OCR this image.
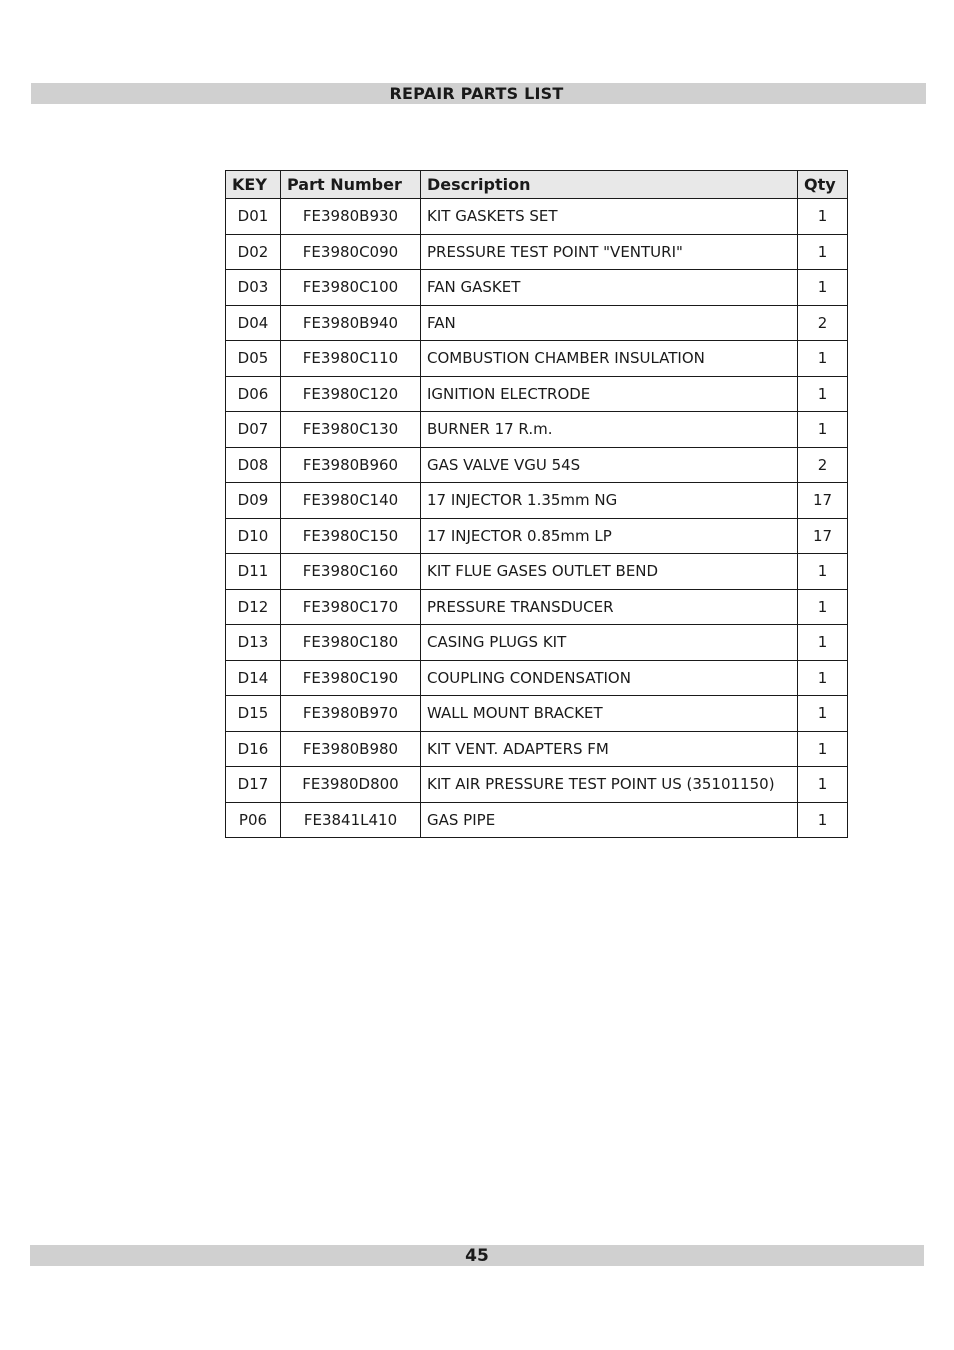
REPAIR PARTS LIST
KEY	Part Number	Description	Qty
D01	FE3980B930	KIT GASKETS SET	1
D02	FE3980C090	PRESSURE TEST POINT "VENTURI"	1
D03	FE3980C100	FAN GASKET	1
D04	FE3980B940	FAN	2
D05	FE3980C110	COMBUSTION CHAMBER INSULATION	1
D06	FE3980C120	IGNITION ELECTRODE	1
D07	FE3980C130	BURNER 17 R.m.	1
D08	FE3980B960	GAS VALVE VGU 54S	2
D09	FE3980C140	17 INJECTOR 1.35mm NG	17
D10	FE3980C150	17 INJECTOR 0.85mm LP	17
D11	FE3980C160	KIT FLUE GASES OUTLET BEND	1
D12	FE3980C170	PRESSURE TRANSDUCER	1
D13	FE3980C180	CASING PLUGS KIT	1
D14	FE3980C190	COUPLING CONDENSATION	1
D15	FE3980B970	WALL MOUNT BRACKET	1
D16	FE3980B980	KIT VENT. ADAPTERS FM	1
D17	FE3980D800	KIT AIR PRESSURE TEST POINT US (35101150)	1
P06	FE3841L410	GAS PIPE	1
45
